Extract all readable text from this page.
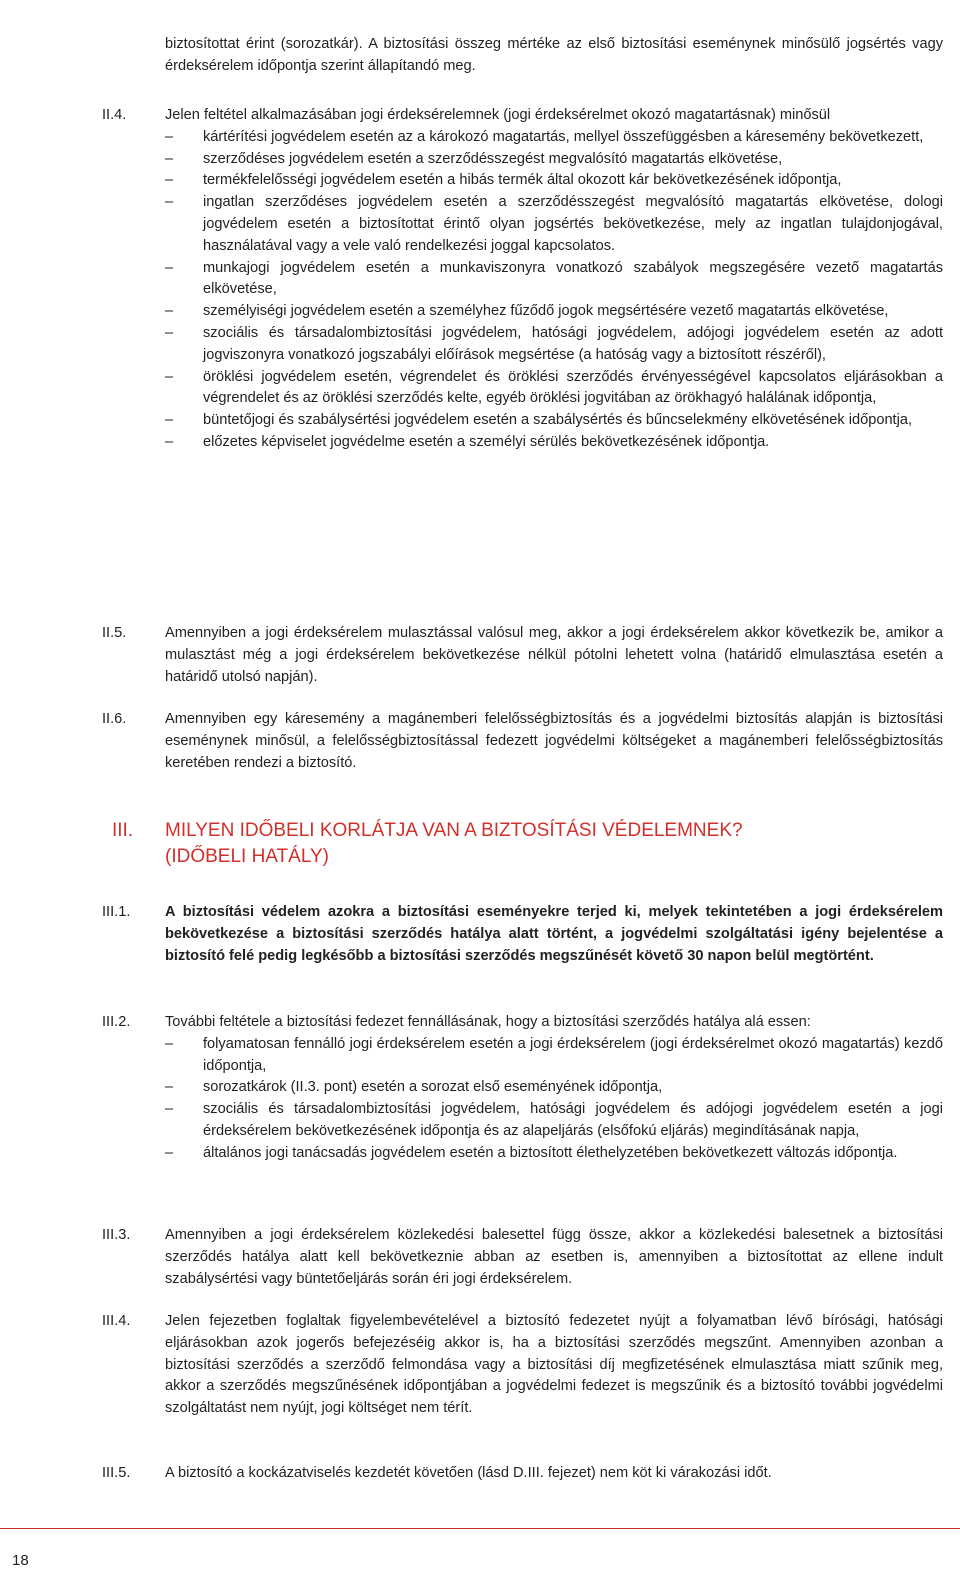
biztosítottat érint (sorozatkár). A biztosítási összeg mértéke az első biztosítási eseménynek minősülő jogsértés vagy érdeksérelem időpontja szerint állapítandó meg.

II.4.	Jelen feltétel alkalmazásában jogi érdeksérelemnek (jogi érdeksérelmet okozó magatartásnak) minősül

– kártérítési jogvédelem esetén az a károkozó magatartás, mellyel összefüggésben a káresemény bekövetkezett,
– szerződéses jogvédelem esetén a szerződésszegést megvalósító magatartás elkövetése,
– termékfelelősségi jogvédelem esetén a hibás termék által okozott kár bekövetkezésének időpontja,
– ingatlan szerződéses jogvédelem esetén a szerződésszegést megvalósító magatartás elkövetése, dologi jogvédelem esetén a biztosítottat érintő olyan jogsértés bekövetkezése, mely az ingatlan tulajdonjogával, használatával vagy a vele való rendelkezési joggal kapcsolatos.
– munkajogi jogvédelem esetén a munkaviszonyra vonatkozó szabályok megszegésére vezető magatartás elkövetése,
– személyiségi jogvédelem esetén a személyhez fűződő jogok megsértésére vezető magatartás elkövetése,
– szociális és társadalombiztosítási jogvédelem, hatósági jogvédelem, adójogi jogvédelem esetén az adott jogviszonyra vonatkozó jogszabályi előírások megsértése (a hatóság vagy a biztosított részéről),
– öröklési jogvédelem esetén, végrendelet és öröklési szerződés érvényességével kapcsolatos eljárásokban a végrendelet és az öröklési szerződés kelte, egyéb öröklési jogvitában az örökhagyó halálának időpontja,
– büntetőjogi és szabálysértési jogvédelem esetén a szabálysértés és bűncselekmény elkövetésének időpontja,
– előzetes képviselet jogvédelme esetén a személyi sérülés bekövetkezésének időpontja.
II.5.	Amennyiben a jogi érdeksérelem mulasztással valósul meg, akkor a jogi érdeksérelem akkor következik be, amikor a mulasztást még a jogi érdeksérelem bekövetkezése nélkül pótolni lehetett volna (határidő elmulasztása esetén a határidő utolsó napján).

II.6.	Amennyiben egy káresemény a magánemberi felelősségbiztosítás és a jogvédelmi biztosítás alapján is biztosítási eseménynek minősül, a felelősségbiztosítással fedezett jogvédelmi költségeket a magánemberi felelősségbiztosítás keretében rendezi a biztosító.

III. MILYEN IDŐBELI KORLÁTJA VAN A BIZTOSÍTÁSI VÉDELEMNEK?
(IDŐBELI HATÁLY)
III.1.	A biztosítási védelem azokra a biztosítási eseményekre terjed ki, melyek tekintetében a jogi érdeksérelem bekövetkezése a biztosítási szerződés hatálya alatt történt, a jogvédelmi szolgáltatási igény bejelentése a biztosító felé pedig legkésőbb a biztosítási szerződés megszűnését követő 30 napon belül megtörtént.

III.2.	További feltétele a biztosítási fedezet fennállásának, hogy a biztosítási szerződés hatálya alá essen:

– folyamatosan fennálló jogi érdeksérelem esetén a jogi érdeksérelem (jogi érdeksérelmet okozó magatartás) kezdő időpontja,
– sorozatkárok (II.3. pont) esetén a sorozat első eseményének időpontja,
– szociális és társadalombiztosítási jogvédelem, hatósági jogvédelem és adójogi jogvédelem esetén a jogi érdeksérelem bekövetkezésének időpontja és az alapeljárás (elsőfokú eljárás) megindításának napja,
– általános jogi tanácsadás jogvédelem esetén a biztosított élethelyzetében bekövetkezett változás időpontja.
III.3.	Amennyiben a jogi érdeksérelem közlekedési balesettel függ össze, akkor a közlekedési balesetnek a biztosítási szerződés hatálya alatt kell bekövetkeznie abban az esetben is, amennyiben a biztosítottat az ellene indult szabálysértési vagy büntetőeljárás során éri jogi érdeksérelem.

III.4.	Jelen fejezetben foglaltak figyelembevételével a biztosító fedezetet nyújt a folyamatban lévő bírósági, hatósági eljárásokban azok jogerős befejezéséig akkor is, ha a biztosítási szerződés megszűnt. Amennyiben azonban a biztosítási szerződés a szerződő felmondása vagy a biztosítási díj megfizetésének elmulasztása miatt szűnik meg, akkor a szerződés megszűnésének időpontjában a jogvédelmi fedezet is megszűnik és a biztosító további jogvédelmi szolgáltatást nem nyújt, jogi költséget nem térít.

III.5.	A biztosító a kockázatviselés kezdetét követően (lásd D.III. fejezet) nem köt ki várakozási időt.

18
